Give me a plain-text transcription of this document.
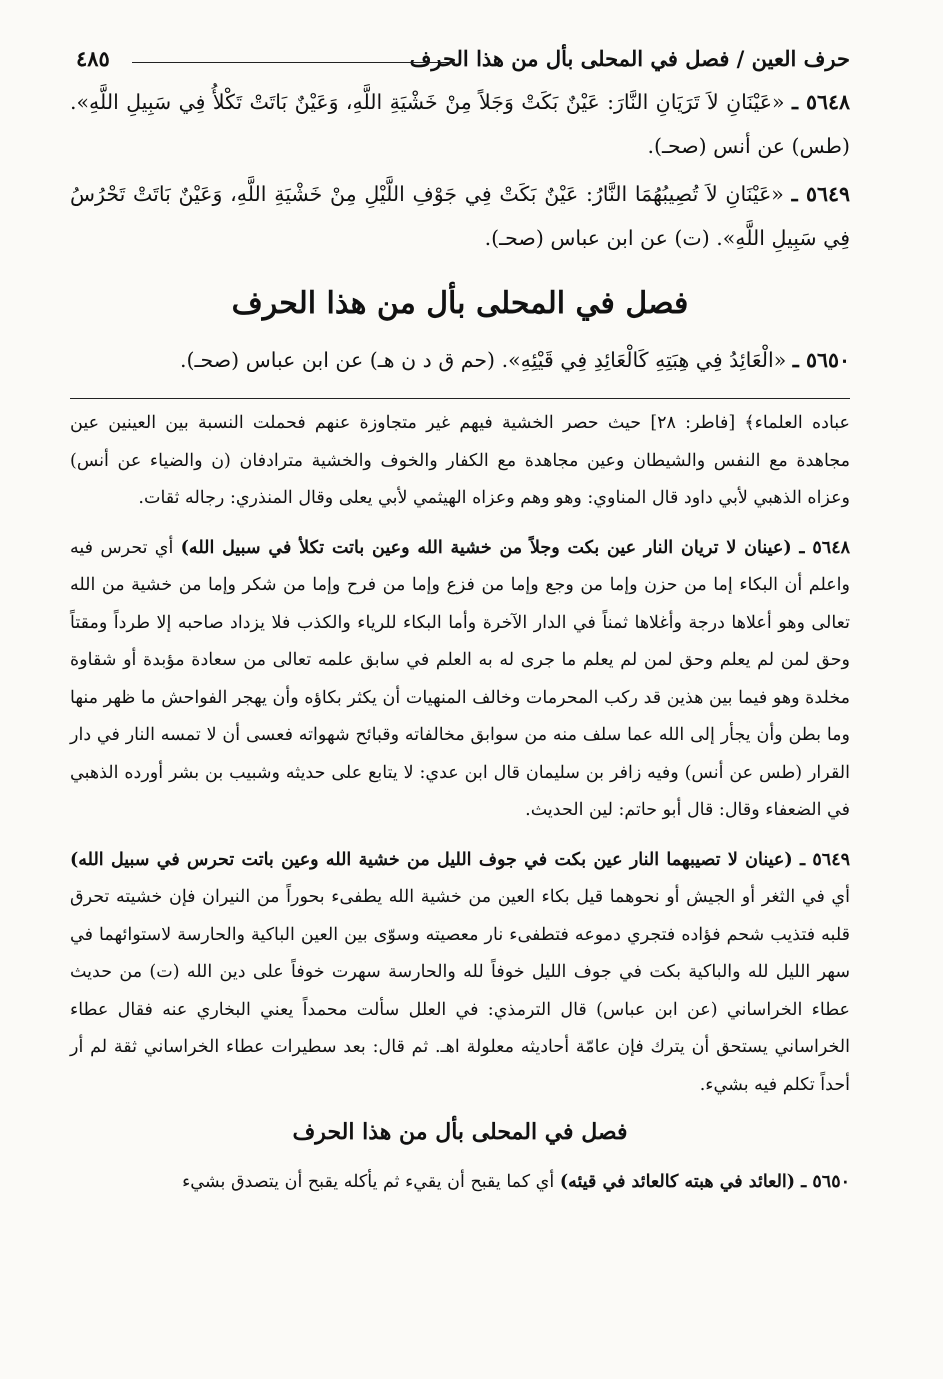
حرف العين / فصل في المحلى بأل من هذا الحرف
٤٨٥

٥٦٤٨ ـ «عَيْنَانِ لاَ تَرَيَانِ النَّارَ: عَيْنٌ بَكَتْ وَجَلاً مِنْ خَشْيَةِ اللَّهِ، وَعَيْنٌ بَاتَتْ تَكْلأُ فِي سَبِيلِ اللَّهِ». (طس) عن أنس (صحـ).

٥٦٤٩ ـ «عَيْنَانِ لاَ تُصِيبُهُمَا النَّارُ: عَيْنٌ بَكَتْ فِي جَوْفِ اللَّيْلِ مِنْ خَشْيَةِ اللَّهِ، وَعَيْنٌ بَاتَتْ تَحْرُسُ فِي سَبِيلِ اللَّهِ». (ت) عن ابن عباس (صحـ).

فصل في المحلى بأل من هذا الحرف

٥٦٥٠ ـ «الْعَائِدُ فِي هِبَتِهِ كَالْعَائِدِ فِي قَيْئِهِ». (حم ق د ن هـ) عن ابن عباس (صحـ).

عباده العلماء﴾ [فاطر: ٢٨] حيث حصر الخشية فيهم غير متجاوزة عنهم فحملت النسبة بين العينين عين مجاهدة مع النفس والشيطان وعين مجاهدة مع الكفار والخوف والخشية مترادفان (ن والضياء عن أنس) وعزاه الذهبي لأبي داود قال المناوي: وهو وهم وعزاه الهيثمي لأبي يعلى وقال المنذري: رجاله ثقات.

٥٦٤٨ ـ (عينان لا تريان النار عين بكت وجلاً من خشية الله وعين باتت تكلأ في سبيل الله) أي تحرس فيه واعلم أن البكاء إما من حزن وإما من وجع وإما من فزع وإما من فرح وإما من شكر وإما من خشية من الله تعالى وهو أعلاها درجة وأغلاها ثمناً في الدار الآخرة وأما البكاء للرياء والكذب فلا يزداد صاحبه إلا طرداً ومقتاً وحق لمن لم يعلم وحق لمن لم يعلم ما جرى له به العلم في سابق علمه تعالى من سعادة مؤبدة أو شقاوة مخلدة وهو فيما بين هذين قد ركب المحرمات وخالف المنهيات أن يكثر بكاؤه وأن يهجر الفواحش ما ظهر منها وما بطن وأن يجأر إلى الله عما سلف منه من سوابق مخالفاته وقبائح شهواته فعسى أن لا تمسه النار في دار القرار (طس عن أنس) وفيه زافر بن سليمان قال ابن عدي: لا يتابع على حديثه وشبيب بن بشر أورده الذهبي في الضعفاء وقال: قال أبو حاتم: لين الحديث.

٥٦٤٩ ـ (عينان لا تصيبهما النار عين بكت في جوف الليل من خشية الله وعين باتت تحرس في سبيل الله) أي في الثغر أو الجيش أو نحوهما قيل بكاء العين من خشية الله يطفىء بحوراً من النيران فإن خشيته تحرق قلبه فتذيب شحم فؤاده فتجري دموعه فتطفىء نار معصيته وسوّى بين العين الباكية والحارسة لاستوائهما في سهر الليل لله والباكية بكت في جوف الليل خوفاً لله والحارسة سهرت خوفاً على دين الله (ت) من حديث عطاء الخراساني (عن ابن عباس) قال الترمذي: في العلل سألت محمداً يعني البخاري عنه فقال عطاء الخراساني يستحق أن يترك فإن عامّة أحاديثه معلولة اهـ. ثم قال: بعد سطيرات عطاء الخراساني ثقة لم أر أحداً تكلم فيه بشيء.

فصل في المحلى بأل من هذا الحرف

٥٦٥٠ ـ (العائد في هبته كالعائد في قيئه) أي كما يقبح أن يقيء ثم يأكله يقبح أن يتصدق بشيء
